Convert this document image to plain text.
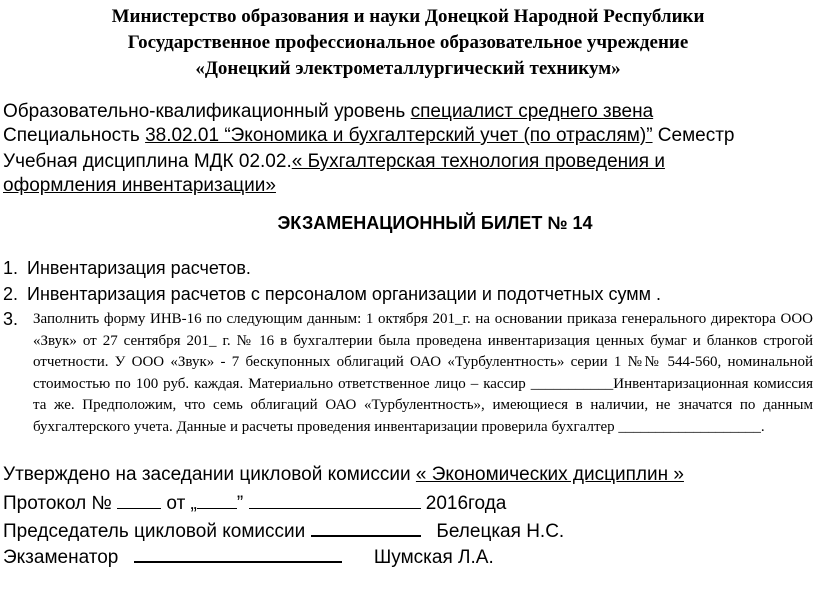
Министерство образования и науки Донецкой Народной Республики
Государственное профессиональное образовательное учреждение
«Донецкий электрометаллургический техникум»
Образовательно-квалификационный уровень специалист среднего звена
Специальность 38.02.01 “Экономика и бухгалтерский учет (по отраслям)” Семестр
Учебная дисциплина МДК 02.02.« Бухгалтерская технология проведения и
оформления инвентаризации»
ЭКЗАМЕНАЦИОННЫЙ БИЛЕТ № 14
1. Инвентаризация расчетов.
2. Инвентаризация расчетов с персоналом организации и подотчетных сумм .
3. Заполнить форму ИНВ-16 по следующим данным: 1 октября 201_г. на основании приказа генерального директора ООО «Звук» от 27 сентября 201_ г. № 16 в бухгалтерии была проведена инвентаризация ценных бумаг и бланков строгой отчетности. У ООО «Звук» - 7 бескупонных облигаций ОАО «Турбулентность» серии 1 №№ 544-560, номинальной стоимостью по 100 руб. каждая. Материально ответственное лицо – кассир ___________Инвентаризационная комиссия та же. Предположим, что семь облигаций ОАО «Турбулентность», имеющиеся в наличии, не значатся по данным бухгалтерского учета. Данные и расчеты проведения инвентаризации проверила бухгалтер ___________________.
Утверждено на заседании цикловой комиссии « Экономических дисциплин »
Протокол №  от „ ”	2016года
Председатель цикловой комиссии	Белецкая Н.С.
Экзаменатор	Шумская Л.А.
